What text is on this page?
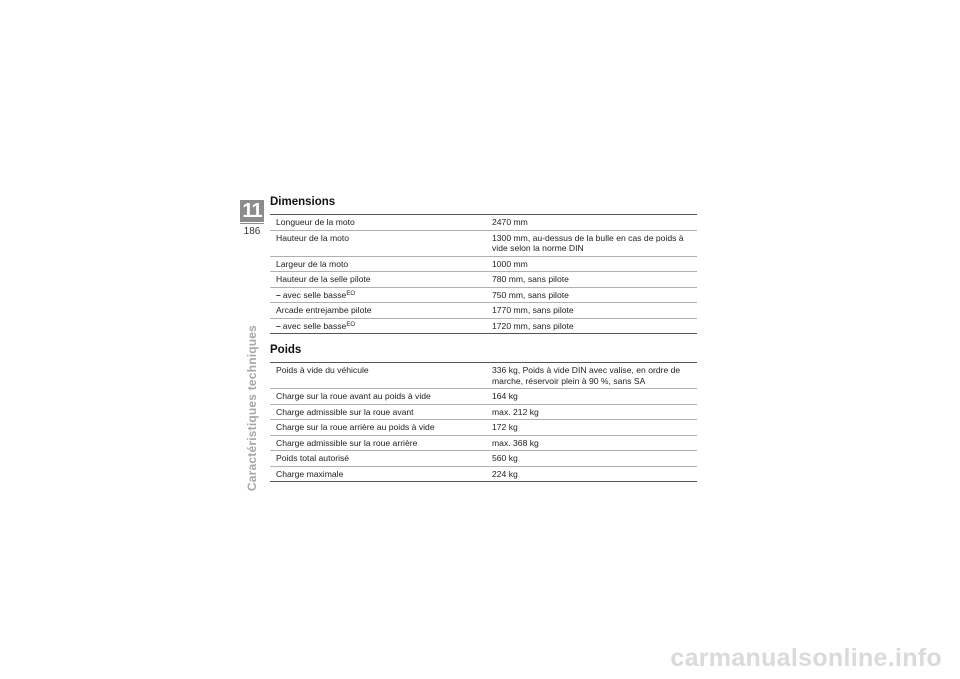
11
186
Caractéristiques techniques
Dimensions
Longueur de la moto	2470 mm
Hauteur de la moto	1300 mm, au-dessus de la bulle en cas de poids à vide selon la norme DIN
Largeur de la moto	1000 mm
Hauteur de la selle pilote	780 mm, sans pilote
– avec selle basse$^{EO}$	750 mm, sans pilote
Arcade entrejambe pilote	1770 mm, sans pilote
– avec selle basse$^{EO}$	1720 mm, sans pilote
Poids
Poids à vide du véhicule	336 kg, Poids à vide DIN avec valise, en ordre de marche, réservoir plein à 90 %, sans SA
Charge sur la roue avant au poids à vide	164 kg
Charge admissible sur la roue avant	max. 212 kg
Charge sur la roue arrière au poids à vide	172 kg
Charge admissible sur la roue arrière	max. 368 kg
Poids total autorisé	560 kg
Charge maximale	224 kg
carmanualsonline.info
